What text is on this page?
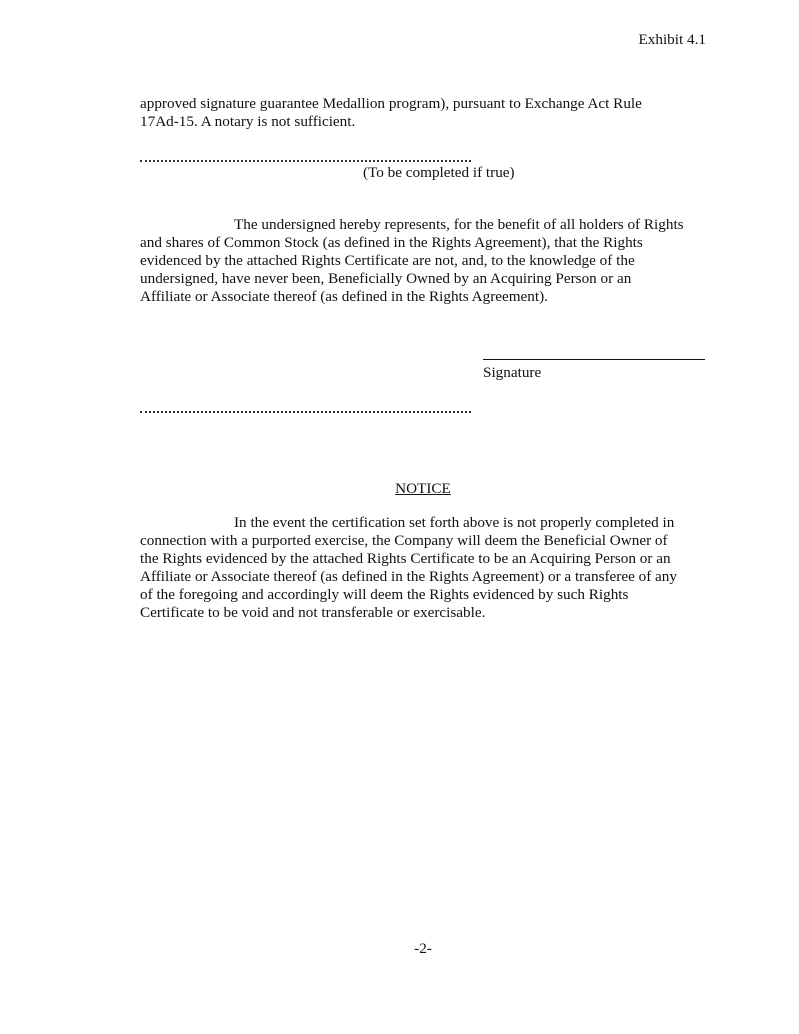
Exhibit 4.1
approved signature guarantee Medallion program), pursuant to Exchange Act Rule
17Ad-15. A notary is not sufficient.
(To be completed if true)
The undersigned hereby represents, for the benefit of all holders of Rights
and shares of Common Stock (as defined in the Rights Agreement), that the Rights
evidenced by the attached Rights Certificate are not, and, to the knowledge of the
undersigned, have never been, Beneficially Owned by an Acquiring Person or an
Affiliate or Associate thereof (as defined in the Rights Agreement).
Signature
NOTICE
In the event the certification set forth above is not properly completed in
connection with a purported exercise, the Company will deem the Beneficial Owner of
the Rights evidenced by the attached Rights Certificate to be an Acquiring Person or an
Affiliate or Associate thereof (as defined in the Rights Agreement) or a transferee of any
of the foregoing and accordingly will deem the Rights evidenced by such Rights
Certificate to be void and not transferable or exercisable.
-2-
